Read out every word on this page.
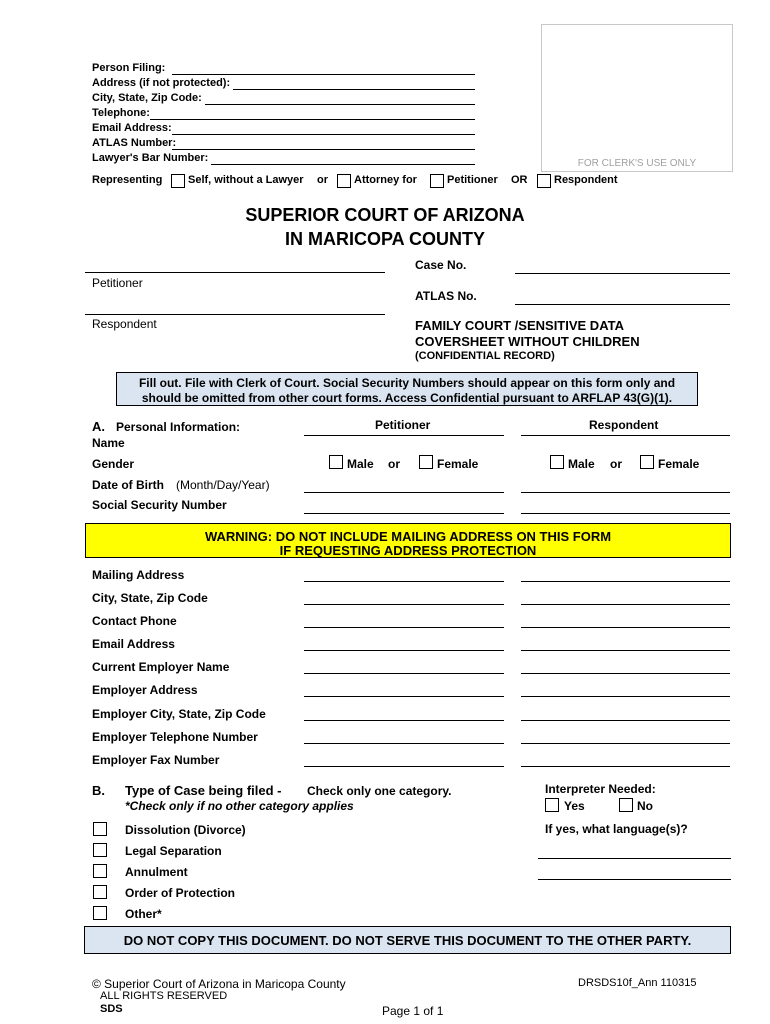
Person Filing:
Address (if not protected):
City, State, Zip Code:
Telephone:
Email Address:
ATLAS Number:
Lawyer's Bar Number:	FOR CLERK'S USE ONLY
Representing Self, without a Lawyer or Attorney for	Petitioner OR Respondent
SUPERIOR COURT OF ARIZONA
IN MARICOPA COUNTY
Petitioner
Respondent
Case No.
ATLAS No.
FAMILY COURT /SENSITIVE DATA
COVERSHEET WITHOUT CHILDREN
(CONFIDENTIAL RECORD)
Fill out. File with Clerk of Court. Social Security Numbers should appear on this form only and
should be omitted from other court forms. Access Confidential pursuant to ARFLAP 43(G)(1).
A. Personal Information:	Petitioner	Respondent
Name
Gender	Male or	Female	Male or	Female
Date of Birth (Month/Day/Year)
Social Security Number
WARNING: DO NOT INCLUDE MAILING ADDRESS ON THIS FORM
IF REQUESTING ADDRESS PROTECTION
Mailing Address
City, State, Zip Code
Contact Phone
Email Address
Current Employer Name
Employer Address
Employer City, State, Zip Code
Employer Telephone Number
Employer Fax Number
B. Type of Case being filed - Check only one category.
*Check only if no other category applies
Dissolution (Divorce)
Legal Separation
Annulment
Order of Protection
Other*
Interpreter Needed:
Yes	No
If yes, what language(s)?
DO NOT COPY THIS DOCUMENT. DO NOT SERVE THIS DOCUMENT TO THE OTHER PARTY.
© Superior Court of Arizona in Maricopa County
ALL RIGHTS RESERVED
SDS
DRSDS10f_Ann 110315
Page 1 of 1
